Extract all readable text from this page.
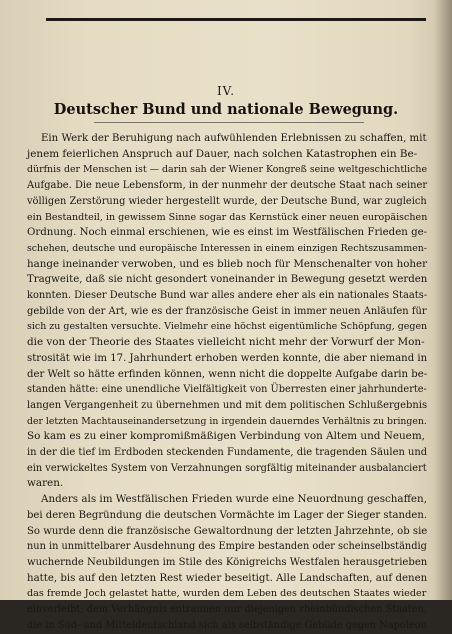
IV.
Deutscher Bund und nationale Bewegung.
Ein Werk der Beruhigung nach aufwühlenden Erlebnissen zu schaffen, mit
jenem feierlichen Anspruch auf Dauer, nach solchen Katastrophen ein Be-
dürfnis der Menschen ist — darin sah der Wiener Kongreß seine weltgeschichtliche
Aufgabe. Die neue Lebensform, in der nunmehr der deutsche Staat nach seiner
völligen Zerstörung wieder hergestellt wurde, der Deutsche Bund, war zugleich
ein Bestandteil, in gewissem Sinne sogar das Kernstück einer neuen europäischen
Ordnung. Noch einmal erschienen, wie es einst im Westfälischen Frieden ge-
schehen, deutsche und europäische Interessen in einem einzigen Rechtszusammen-
hange ineinander verwoben, und es blieb noch für Menschenalter von hoher
Tragweite, daß sie nicht gesondert voneinander in Bewegung gesetzt werden
konnten. Dieser Deutsche Bund war alles andere eher als ein nationales Staats-
gebilde von der Art, wie es der französische Geist in immer neuen Anläufen für
sich zu gestalten versuchte. Vielmehr eine höchst eigentümliche Schöpfung, gegen
die von der Theorie des Staates vielleicht nicht mehr der Vorwurf der Mon-
strosität wie im 17. Jahrhundert erhoben werden konnte, die aber niemand in
der Welt so hätte erfinden können, wenn nicht die doppelte Aufgabe darin be-
standen hätte: eine unendliche Vielfältigkeit von Überresten einer jahrhunderte-
langen Vergangenheit zu übernehmen und mit dem politischen Schlußergebnis
der letzten Machtauseinandersetzung in irgendein dauerndes Verhältnis zu bringen.
So kam es zu einer kompromißmäßigen Verbindung von Altem und Neuem,
in der die tief im Erdboden steckenden Fundamente, die tragenden Säulen und
ein verwickeltes System von Verzahnungen sorgfältig miteinander ausbalanciert
waren.
Anders als im Westfälischen Frieden wurde eine Neuordnung geschaffen,
bei deren Begründung die deutschen Vormächte im Lager der Sieger standen.
So wurde denn die französische Gewaltordnung der letzten Jahrzehnte, ob sie
nun in unmittelbarer Ausdehnung des Empire bestanden oder scheinselbständig
wuchernde Neubildungen im Stile des Königreichs Westfalen herausgetrieben
hatte, bis auf den letzten Rest wieder beseitigt. Alle Landschaften, auf denen
das fremde Joch gelastet hatte, wurden dem Leben des deutschen Staates wieder
einverleibt; dem Verhängnis entrannen nur diejenigen rheinbündischen Staaten,
die in Süd- und Mitteldeutschland sich als selbständige Gebilde gegen Napoleon
